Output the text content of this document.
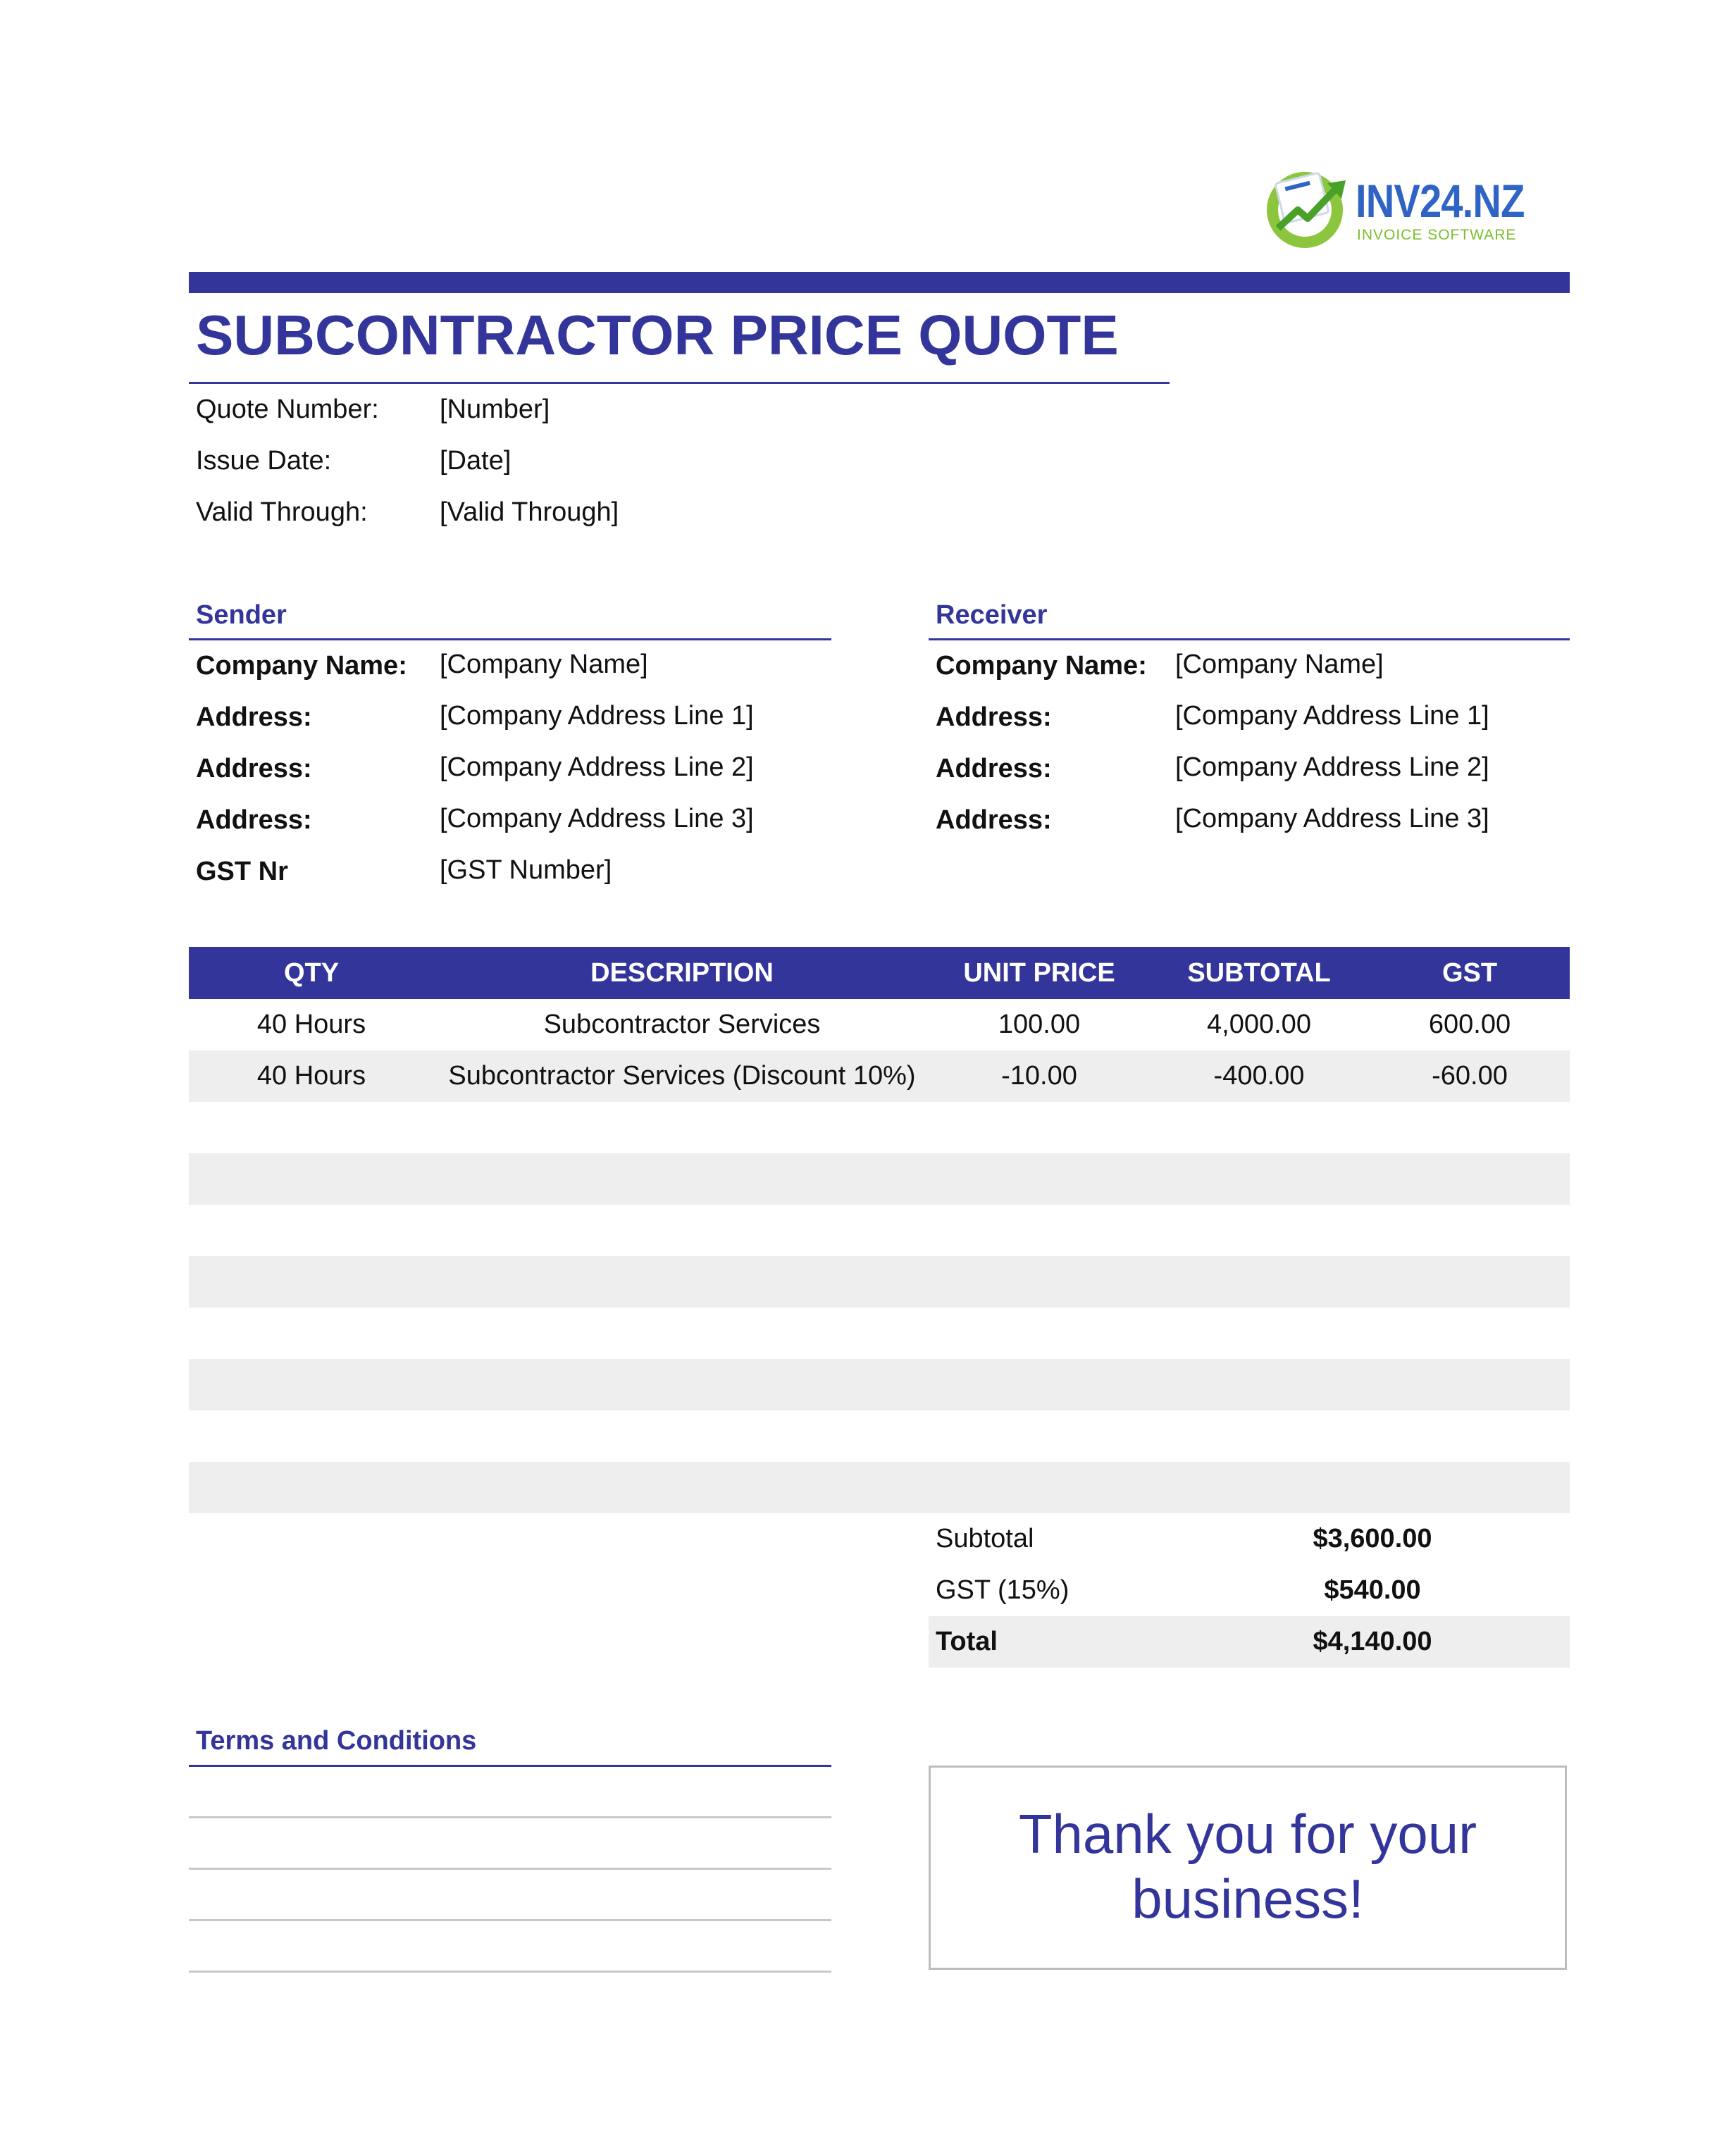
INV24.NZ
INVOICE SOFTWARE
SUBCONTRACTOR PRICE QUOTE
Quote Number: [Number]
Issue Date:	[Date]
Valid Through:	[Valid Through]
Sender
Company Name: [Company Name]
Address:	[Company Address Line 1]
Address:	[Company Address Line 2]
Address:	[Company Address Line 3]
GST Nr	[GST Number]
Receiver
Company Name: [Company Name]
Address:	[Company Address Line 1]
Address:	[Company Address Line 2]
Address:	[Company Address Line 3]
QTY	DESCRIPTION	UNIT PRICE	SUBTOTAL	GST
40 Hours	Subcontractor Services	100.00	4,000.00	600.00
40 Hours	Subcontractor Services (Discount 10%)	-10.00	-400.00	-60.00
Subtotal	$3,600.00
GST (15%)	$540.00
Total	$4,140.00
Terms and Conditions
Thank you for your
business!
